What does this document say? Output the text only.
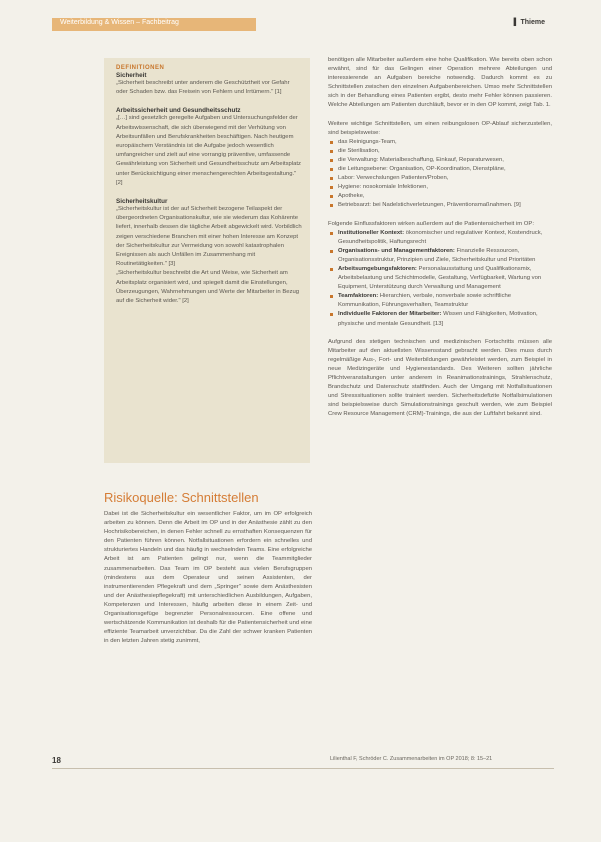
Weiterbildung & Wissen – Fachbeitrag	▌ Thieme
DEFINITIONEN
Sicherheit
„Sicherheit beschreibt unter anderem die Geschütztheit vor Gefahr oder Schaden bzw. das Freisein von Fehlern und Irrtümern." [1]
Arbeitssicherheit und Gesundheitsschutz
„[…] sind gesetzlich geregelte Aufgaben und Untersuchungsfelder der Arbeitswissenschaft, die sich überwiegend mit der Verhütung von Arbeitsunfällen und Berufskrankheiten beschäftigen. Nach heutigem europäischem Verständnis ist die Aufgabe jedoch wesentlich umfangreicher und zielt auf eine vorrangig präventive, umfassende Gewährleistung von Sicherheit und Gesundheitsschutz am Arbeitsplatz unter Berücksichtigung einer menschengerechten Arbeitsgestaltung." [2]
Sicherheitskultur
„Sicherheitskultur ist der auf Sicherheit bezogene Teilaspekt der übergeordneten Organisationskultur, wie sie wiederum das Kohärente liefert, innerhalb dessen die tägliche Arbeit abgewickelt wird. Vorbildlich zeigen verschiedene Branchen mit einer hohen Interesse am Konzept der Sicherheitskultur zur Vermeidung von sowohl katastrophalen Ereignissen als auch Unfällen im Zusammenhang mit Routinetätigkeiten." [3]
„Sicherheitskultur beschreibt die Art und Weise, wie Sicherheit am Arbeitsplatz organisiert wird, und spiegelt damit die Einstellungen, Überzeugungen, Wahrnehmungen und Werte der Mitarbeiter in Bezug auf die Sicherheit wider." [2]
Risikoquelle: Schnittstellen
Dabei ist die Sicherheitskultur ein wesentlicher Faktor, um im OP erfolgreich arbeiten zu können. Denn die Arbeit im OP und in der Anästhesie zählt zu den Hochrisikobereichen, in denen Fehler schnell zu ernsthaften Konsequenzen für den Patienten führen können. Notfallsituationen erfordern ein schnelles und strukturiertes Handeln und das häufig in wechselnden Teams. Eine erfolgreiche Arbeit ist am Patienten gelingt nur, wenn die Teammitglieder zusammenarbeiten. Das Team im OP besteht aus vielen Berufsgruppen (mindestens aus dem Operateur und seinen Assistenten, der instrumentierenden Pflegekraft und dem „Springer" sowie dem Anästhesisten und der Anästhesiepflegekraft) mit unterschiedlichen Ausbildungen, Aufgaben, Kompetenzen und Interessen, häufig arbeiten diese in einem Zeit- und Organisationsgefüge begrenzter Personalressourcen. Eine offene und wertschätzende Kommunikation ist deshalb für die Patientensicherheit und eine effiziente Teamarbeit unverzichtbar. Da die Zahl der schwer kranken Patienten in den letzten Jahren stetig zunimmt,

benötigen alle Mitarbeiter außerdem eine hohe Qualifikation. Wie bereits oben schon erwähnt, sind für das Gelingen einer Operation mehrere Abteilungen und interessierende an Aufgaben bereiche notwendig. Dadurch kommt es zu Schnittstellen zwischen den einzelnen Aufgabenbereichen. Umso mehr Schnittstellen sich in der Behandlung eines Patienten ergibt, desto mehr Fehler können passieren. Welche Abteilungen am Patienten durchläuft, bevor er in den OP kommt, zeigt Tab. 1.

Weitere wichtige Schnittstellen, um einen reibungslosen OP-Ablauf sicherzustellen, sind beispielsweise:

das Reinigungs-Team,
die Sterilisation,
die Verwaltung: Materialbeschaffung, Einkauf, Reparaturwesen,
die Leitungsebene: Organisation, OP-Koordination, Dienstpläne,
Labor: Verwechslungen Patienten/Proben,
Hygiene: nosokomiale Infektionen,
Apotheke,
Betriebsarzt: bei Nadelstichverletzungen, Präventionsmaßnahmen. [9]

Folgende Einflussfaktoren wirken außerdem auf die Patientensicherheit im OP:

Institutioneller Kontext: ökonomischer und regulativer Kontext, Kostendruck, Gesundheitspolitik, Haftungsrecht
Organisations- und Managementfaktoren: Finanzielle Ressourcen, Organisationsstruktur, Prinzipien und Ziele, Sicherheitskultur und Prioritäten
Arbeitsumgebungsfaktoren: Personalausstattung und Qualifikationsmix, Arbeitsbelastung und Schichtmodelle, Gestaltung, Verfügbarkeit, Wartung von Equipment, Unterstützung durch Verwaltung und Management
Teamfaktoren: Hierarchien, verbale, nonverbale sowie schriftliche Kommunikation, Führungsverhalten, Teamstruktur
Individuelle Faktoren der Mitarbeiter: Wissen und Fähigkeiten, Motivation, physische und mentale Gesundheit. [13]

Aufgrund des stetigen technischen und medizinischen Fortschritts müssen alle Mitarbeiter auf den aktuellsten Wissensstand gebracht werden. Dies muss durch regelmäßige Aus-, Fort- und Weiterbildungen gewährleistet werden, zum Beispiel in neue Medizingeräte und Hygienestandards. Des Weiteren sollten jährliche Pflichtveranstaltungen unter anderem in Reanimationstrainings, Strahlenschutz, Brandschutz und Datenschutz stattfinden. Auch der Umgang mit Notfallsituationen und Stresssituationen sollte trainiert werden. Sicherheitsdefizite Notfallsimulationen sind beispielsweise durch Simulationstrainings geschult werden, wie zum Beispiel Crew Resource Management (CRM)-Trainings, die aus der Luftfahrt bekannt sind.

18	Lilienthal F, Schröder C. Zusammenarbeiten im OP 2018; 8: 15–21
